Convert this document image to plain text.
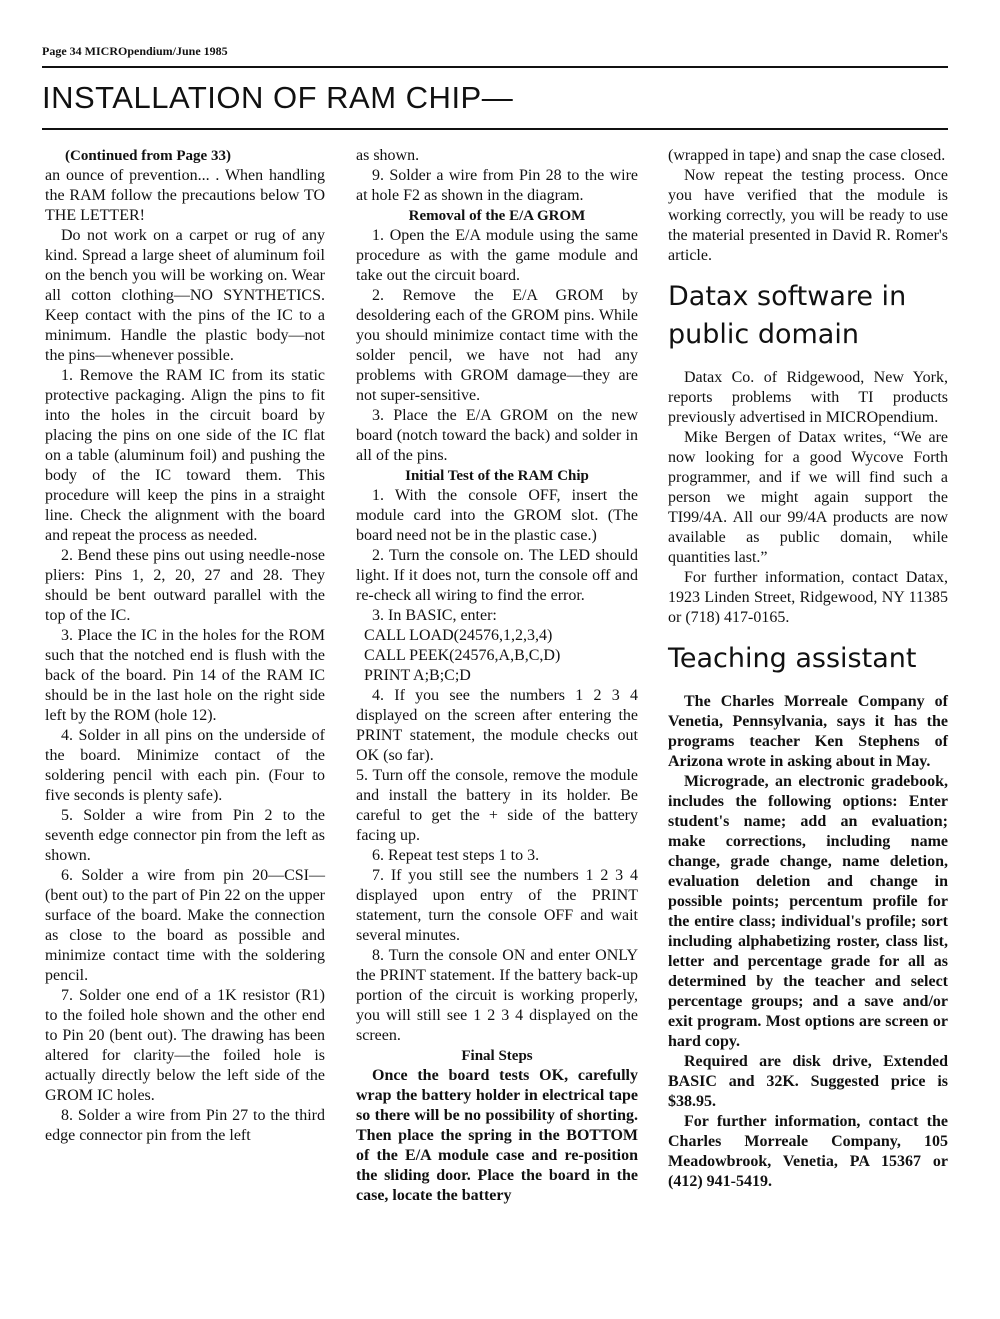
Page 34 MICROpendium/June 1985
INSTALLATION OF RAM CHIP—
(Continued from Page 33)

an ounce of prevention... . When handling the RAM follow the precautions below TO THE LETTER!

Do not work on a carpet or rug of any kind. Spread a large sheet of aluminum foil on the bench you will be working on. Wear all cotton clothing—NO SYNTHETICS. Keep contact with the pins of the IC to a minimum. Handle the plastic body—not the pins—whenever possible.

1. Remove the RAM IC from its static protective packaging. Align the pins to fit into the holes in the circuit board by placing the pins on one side of the IC flat on a table (aluminum foil) and pushing the body of the IC toward them. This procedure will keep the pins in a straight line. Check the alignment with the board and repeat the process as needed.

2. Bend these pins out using needle-nose pliers: Pins 1, 2, 20, 27 and 28. They should be bent outward parallel with the top of the IC.

3. Place the IC in the holes for the ROM such that the notched end is flush with the back of the board. Pin 14 of the RAM IC should be in the last hole on the right side left by the ROM (hole 12).

4. Solder in all pins on the underside of the board. Minimize contact of the soldering pencil with each pin. (Four to five seconds is plenty safe).

5. Solder a wire from Pin 2 to the seventh edge connector pin from the left as shown.

6. Solder a wire from pin 20—CSI—(bent out) to the part of Pin 22 on the upper surface of the board. Make the connection as close to the board as possible and minimize contact time with the soldering pencil.

7. Solder one end of a 1K resistor (R1) to the foiled hole shown and the other end to Pin 20 (bent out). The drawing has been altered for clarity—the foiled hole is actually directly below the left side of the GROM IC holes.

8. Solder a wire from Pin 27 to the third edge connector pin from the left

as shown.

9. Solder a wire from Pin 28 to the wire at hole F2 as shown in the diagram.

Removal of the E/A GROM

1. Open the E/A module using the same procedure as with the game module and take out the circuit board.

2. Remove the E/A GROM by desoldering each of the GROM pins. While you should minimize contact time with the solder pencil, we have not had any problems with GROM damage—they are not super-sensitive.

3. Place the E/A GROM on the new board (notch toward the back) and solder in all of the pins.

Initial Test of the RAM Chip

1. With the console OFF, insert the module card into the GROM slot. (The board need not be in the plastic case.)

2. Turn the console on. The LED should light. If it does not, turn the console off and re-check all wiring to find the error.

3. In BASIC, enter:

CALL LOAD(24576,1,2,3,4)

CALL PEEK(24576,A,B,C,D)

PRINT A;B;C;D

4. If you see the numbers 1 2 3 4 displayed on the screen after entering the PRINT statement, the module checks out OK (so far).

5. Turn off the console, remove the module and install the battery in its holder. Be careful to get the + side of the battery facing up.

6. Repeat test steps 1 to 3.

7. If you still see the numbers 1 2 3 4 displayed upon entry of the PRINT statement, turn the console OFF and wait several minutes.

8. Turn the console ON and enter ONLY the PRINT statement. If the battery back-up portion of the circuit is working properly, you will still see 1 2 3 4 displayed on the screen.

Final Steps

Once the board tests OK, carefully wrap the battery holder in electrical tape so there will be no possibility of shorting. Then place the spring in the BOTTOM of the E/A module case and re-position the sliding door. Place the board in the case, locate the battery

(wrapped in tape) and snap the case closed.

Now repeat the testing process. Once you have verified that the module is working correctly, you will be ready to use the material presented in David R. Romer's article.

Datax software in public domain

Datax Co. of Ridgewood, New York, reports problems with TI products previously advertised in MICROpendium.

Mike Bergen of Datax writes, “We are now looking for a good Wycove Forth programmer, and if we will find such a person we might again support the TI99/4A. All our 99/4A products are now available as public domain, while quantities last.”

For further information, contact Datax, 1923 Linden Street, Ridgewood, NY 11385 or (718) 417-0165.

Teaching assistant

The Charles Morreale Company of Venetia, Pennsylvania, says it has the programs teacher Ken Stephens of Arizona wrote in asking about in May.

Micrograde, an electronic gradebook, includes the following options: Enter student's name; add an evaluation; make corrections, including name change, grade change, name deletion, evaluation deletion and change in possible points; percentum profile for the entire class; individual's profile; sort including alphabetizing roster, class list, letter and percentage grade for all as determined by the teacher and select percentage groups; and a save and/or exit program. Most options are screen or hard copy.

Required are disk drive, Extended BASIC and 32K. Suggested price is $38.95.

For further information, contact the Charles Morreale Company, 105 Meadowbrook, Venetia, PA 15367 or (412) 941-5419.
